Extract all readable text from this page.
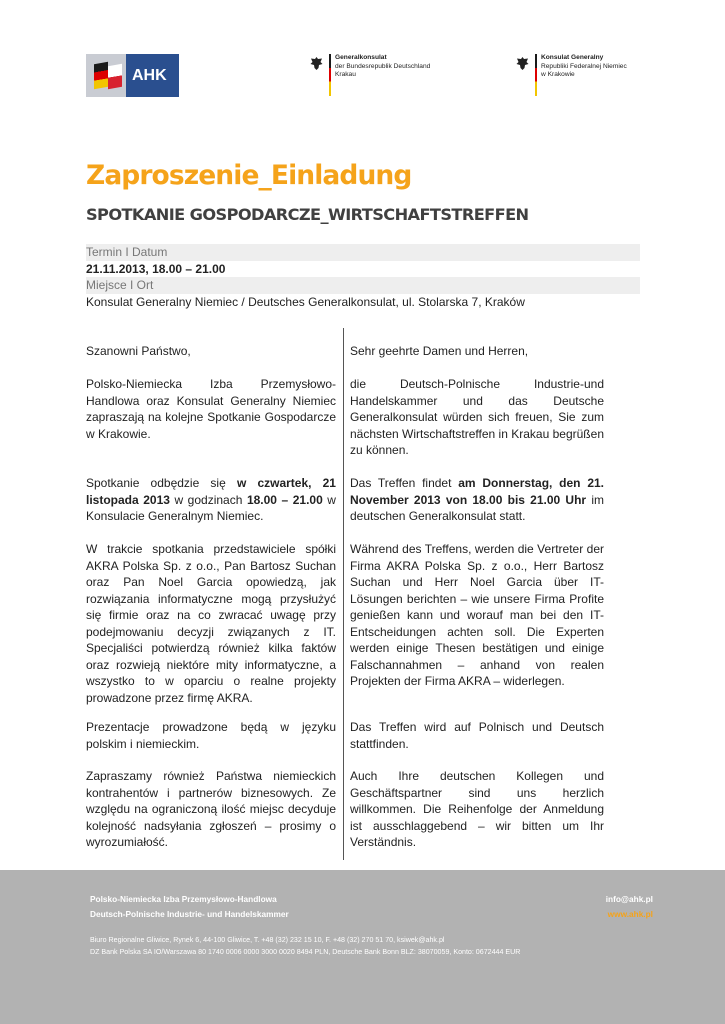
AHK
Generalkonsulat
der Bundesrepublik Deutschland
Krakau
Konsulat Generalny
Republiki Federalnej Niemiec
w Krakowie
Zaproszenie_Einladung
SPOTKANIE GOSPODARCZE_WIRTSCHAFTSTREFFEN
Termin I Datum
21.11.2013, 18.00 – 21.00
Miejsce I Ort
Konsulat Generalny Niemiec / Deutsches Generalkonsulat, ul. Stolarska 7, Kraków

Szanowni Państwo,

Polsko-Niemiecka Izba Przemysłowo-Handlowa oraz Konsulat Generalny Niemiec zapraszają na kolejne Spotkanie Gospodarcze w Krakowie.

Spotkanie odbędzie się w czwartek, 21 listopada 2013 w godzinach 18.00 – 21.00 w Konsulacie Generalnym Niemiec.

W trakcie spotkania przedstawiciele spółki AKRA Polska Sp. z o.o., Pan Bartosz Suchan oraz Pan Noel Garcia opowiedzą, jak rozwiązania informatyczne mogą przysłużyć się firmie oraz na co zwracać uwagę przy podejmowaniu decyzji związanych z IT. Specjaliści potwierdzą również kilka faktów oraz rozwieją niektóre mity informatyczne, a wszystko to w oparciu o realne projekty prowadzone przez firmę AKRA.

Prezentacje prowadzone będą w języku polskim i niemieckim.

Zapraszamy również Państwa niemieckich kontrahentów i partnerów biznesowych. Ze względu na ograniczoną ilość miejsc decyduje kolejność nadsyłania zgłoszeń – prosimy o wyrozumiałość.

Sehr geehrte Damen und Herren,

die Deutsch-Polnische Industrie-und Handelskammer und das Deutsche Generalkonsulat würden sich freuen, Sie zum nächsten Wirtschaftstreffen in Krakau begrüßen zu können.

Das Treffen findet am Donnerstag, den 21. November 2013 von 18.00 bis 21.00 Uhr im deutschen Generalkonsulat statt.

Während des Treffens, werden die Vertreter der Firma AKRA Polska Sp. z o.o., Herr Bartosz Suchan und Herr Noel Garcia über IT-Lösungen berichten – wie unsere Firma Profite genießen kann und worauf man bei den IT-Entscheidungen achten soll. Die Experten werden einige Thesen bestätigen und einige Falschannahmen – anhand von realen Projekten der Firma AKRA – widerlegen.

Das Treffen wird auf Polnisch und Deutsch stattfinden.

Auch Ihre deutschen Kollegen und Geschäftspartner sind uns herzlich willkommen. Die Reihenfolge der Anmeldung ist ausschlaggebend – wir bitten um Ihr Verständnis.

Polsko-Niemiecka Izba Przemysłowo-Handlowa
Deutsch-Polnische Industrie- und Handelskammer
Biuro Regionalne Gliwice, Rynek 6, 44-100 Gliwice, T. +48 (32) 232 15 10, F. +48 (32) 270 51 70, ksiwek@ahk.pl
DZ Bank Polska SA IO/Warszawa 80 1740 0006 0000 3000 0020 8494 PLN, Deutsche Bank Bonn BLZ: 38070059, Konto: 0672444 EUR
info@ahk.pl
www.ahk.pl
